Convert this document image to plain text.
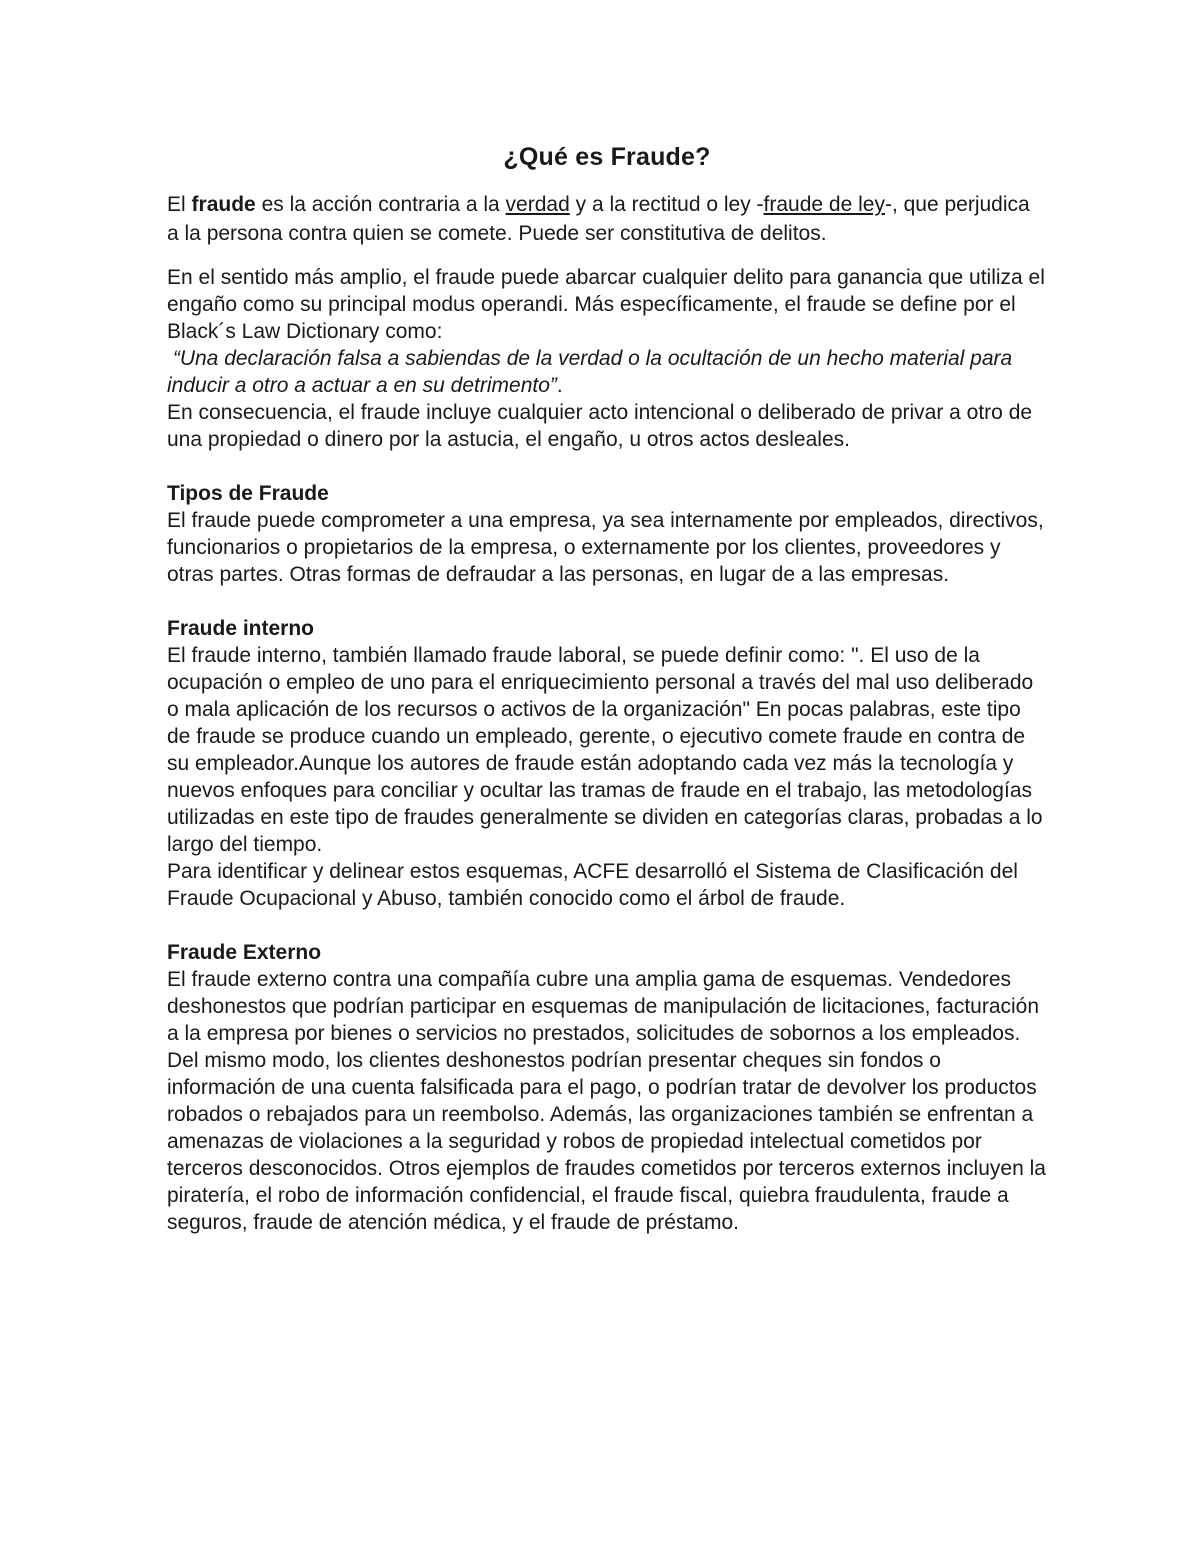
¿Qué es Fraude?

El fraude es la acción contraria a la verdad y a la rectitud o ley -fraude de ley-, que perjudica a la persona contra quien se comete. Puede ser constitutiva de delitos.

En el sentido más amplio, el fraude puede abarcar cualquier delito para ganancia que utiliza el engaño como su principal modus operandi. Más específicamente, el fraude se define por el Black´s Law Dictionary como:

“Una declaración falsa a sabiendas de la verdad o la ocultación de un hecho material para inducir a otro a actuar a en su detrimento”.

En consecuencia, el fraude incluye cualquier acto intencional o deliberado de privar a otro de una propiedad o dinero por la astucia, el engaño, u otros actos desleales.

Tipos de Fraude

El fraude puede comprometer a una empresa, ya sea internamente por empleados, directivos, funcionarios o propietarios de la empresa, o externamente por los clientes, proveedores y otras partes. Otras formas de defraudar a las personas, en lugar de a las empresas.

Fraude interno

El fraude interno, también llamado fraude laboral, se puede definir como: ". El uso de la ocupación o empleo de uno para el enriquecimiento personal a través del mal uso deliberado o mala aplicación de los recursos o activos de la organización" En pocas palabras, este tipo de fraude se produce cuando un empleado, gerente, o ejecutivo comete fraude en contra de su empleador.Aunque los autores de fraude están adoptando cada vez más la tecnología y nuevos enfoques para conciliar y ocultar las tramas de fraude en el trabajo, las metodologías utilizadas en este tipo de fraudes generalmente se dividen en categorías claras, probadas a lo largo del tiempo.

Para identificar y delinear estos esquemas, ACFE desarrolló el Sistema de Clasificación del Fraude Ocupacional y Abuso, también conocido como el árbol de fraude.

Fraude Externo

El fraude externo contra una compañía cubre una amplia gama de esquemas. Vendedores deshonestos que podrían participar en esquemas de manipulación de licitaciones, facturación a la empresa por bienes o servicios no prestados, solicitudes de sobornos a los empleados. Del mismo modo, los clientes deshonestos podrían presentar cheques sin fondos o información de una cuenta falsificada para el pago, o podrían tratar de devolver los productos robados o rebajados para un reembolso. Además, las organizaciones también se enfrentan a amenazas de violaciones a la seguridad y robos de propiedad intelectual cometidos por terceros desconocidos. Otros ejemplos de fraudes cometidos por terceros externos incluyen la piratería, el robo de información confidencial, el fraude fiscal, quiebra fraudulenta, fraude a seguros, fraude de atención médica, y el fraude de préstamo.
